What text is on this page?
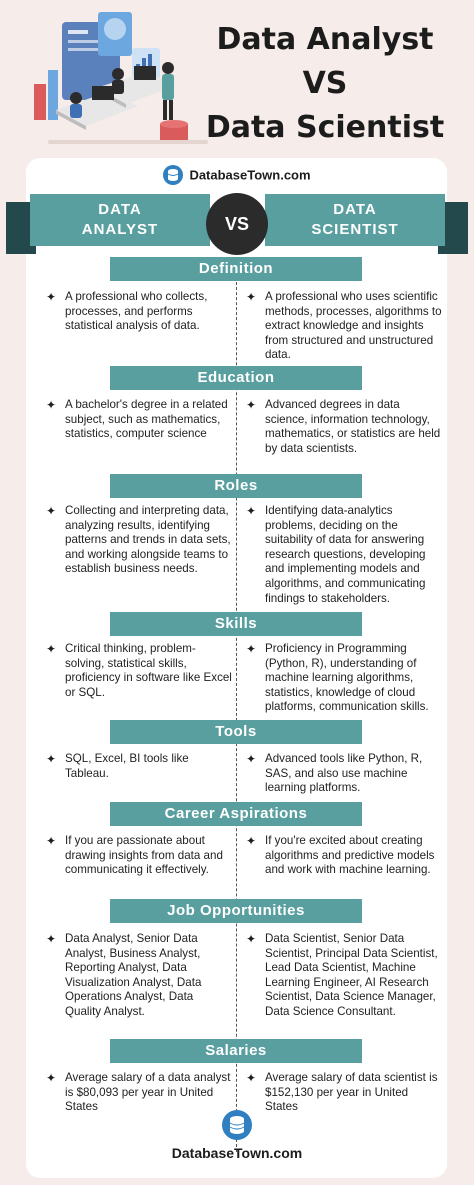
Data Analyst
VS
Data Scientist
DatabaseTown.com
DATA
ANALYST
DATA
SCIENTIST
VS
Definition
✦ A professional who collects, processes, and performs statistical analysis of data.
✦ A professional who uses scientific methods, processes, algorithms to extract knowledge and insights from structured and unstructured data.
Education
✦ A bachelor's degree in a related subject, such as mathematics, statistics, computer science
✦ Advanced degrees in data science, information technology, mathematics, or statistics are held by data scientists.
Roles
✦ Collecting and interpreting data, analyzing results, identifying patterns and trends in data sets, and working alongside teams to establish business needs.
✦ Identifying data-analytics problems, deciding on the suitability of data for answering research questions, developing and implementing models and algorithms, and communicating findings to stakeholders.
Skills
✦ Critical thinking, problem-solving, statistical skills, proficiency in software like Excel or SQL.
✦ Proficiency in Programming (Python, R), understanding of machine learning algorithms, statistics, knowledge of cloud platforms, communication skills.
Tools
✦ SQL, Excel, BI tools like Tableau.
✦ Advanced tools like Python, R, SAS, and also use machine learning platforms.
Career Aspirations
✦ If you are passionate about drawing insights from data and communicating it effectively.
✦ If you're excited about creating algorithms and predictive models and work with machine learning.
Job Opportunities
✦ Data Analyst, Senior Data Analyst, Business Analyst, Reporting Analyst, Data Visualization Analyst, Data Operations Analyst, Data Quality Analyst.
✦ Data Scientist, Senior Data Scientist, Principal Data Scientist, Lead Data Scientist, Machine Learning Engineer, AI Research Scientist, Data Science Manager, Data Science Consultant.
Salaries
✦ Average salary of a data analyst is $80,093 per year in United States
✦ Average salary of data scientist is $152,130 per year in United States
DatabaseTown.com
